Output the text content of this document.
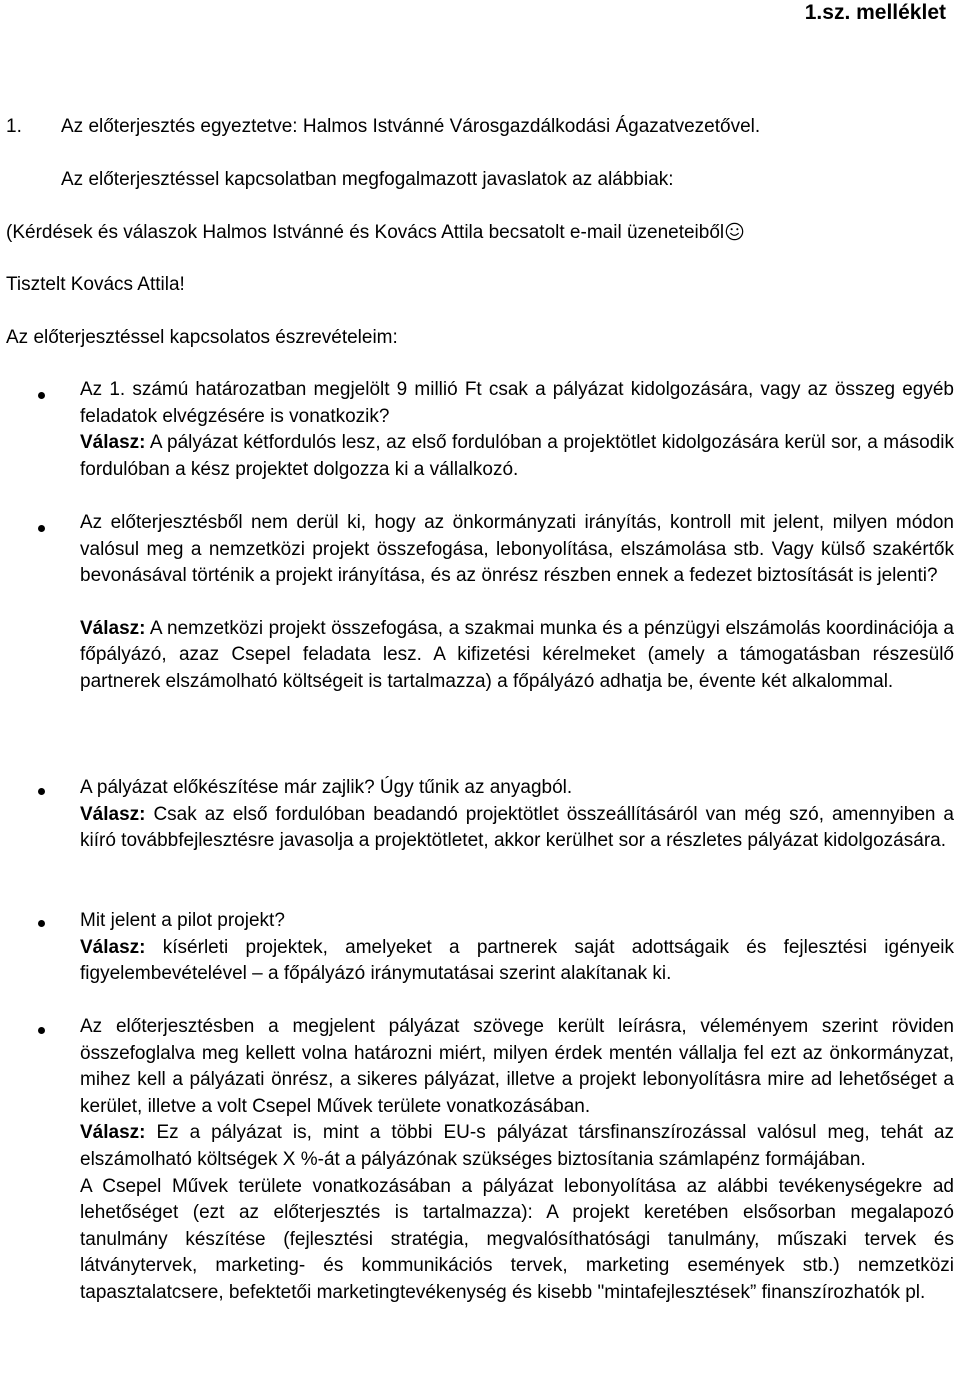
1.sz. melléklet
1. Az előterjesztés egyeztetve: Halmos Istvánné Városgazdálkodási Ágazatvezetővel.
Az előterjesztéssel kapcsolatban megfogalmazott javaslatok az alábbiak:
(Kérdések és válaszok Halmos Istvánné és Kovács Attila becsatolt e-mail üzeneteiből
Tisztelt Kovács Attila!
Az előterjesztéssel kapcsolatos észrevételeim:

Az 1. számú határozatban megjelölt 9 millió Ft csak a pályázat kidolgozására, vagy az összeg egyéb feladatok elvégzésére is vonatkozik?

Válasz: A pályázat kétfordulós lesz, az első fordulóban a projektötlet kidolgozására kerül sor, a második fordulóban a kész projektet dolgozza ki a vállalkozó.

Az előterjesztésből nem derül ki, hogy az önkormányzati irányítás, kontroll mit jelent, milyen módon valósul meg a nemzetközi projekt összefogása, lebonyolítása, elszámolása stb. Vagy külső szakértők bevonásával történik a projekt irányítása, és az önrész részben ennek a fedezet biztosítását is jelenti?

Válasz: A nemzetközi projekt összefogása, a szakmai munka és a pénzügyi elszámolás koordinációja a főpályázó, azaz Csepel feladata lesz. A kifizetési kérelmeket (amely a támogatásban részesülő partnerek elszámolható költségeit is tartalmazza) a főpályázó adhatja be, évente két alkalommal.

A pályázat előkészítése már zajlik? Úgy tűnik az anyagból.

Válasz: Csak az első fordulóban beadandó projektötlet összeállításáról van még szó, amennyiben a kiíró továbbfejlesztésre javasolja a projektötletet, akkor kerülhet sor a részletes pályázat kidolgozására.

Mit jelent a pilot projekt?

Válasz: kísérleti projektek, amelyeket a partnerek saját adottságaik és fejlesztési igényeik figyelembevételével – a főpályázó iránymutatásai szerint alakítanak ki.

Az előterjesztésben a megjelent pályázat szövege került leírásra, véleményem szerint röviden összefoglalva meg kellett volna határozni miért, milyen érdek mentén vállalja fel ezt az önkormányzat, mihez kell a pályázati önrész, a sikeres pályázat, illetve a projekt lebonyolításra mire ad lehetőséget a kerület, illetve a volt Csepel Művek területe vonatkozásában.

Válasz: Ez a pályázat is, mint a többi EU-s pályázat társfinanszírozással valósul meg, tehát az elszámolható költségek X %-át a pályázónak szükséges biztosítania számlapénz formájában.

A Csepel Művek területe vonatkozásában a pályázat lebonyolítása az alábbi tevékenységekre ad lehetőséget (ezt az előterjesztés is tartalmazza): A projekt keretében elsősorban megalapozó tanulmány készítése (fejlesztési stratégia, megvalósíthatósági tanulmány, műszaki tervek és látványtervek, marketing- és kommunikációs tervek, marketing események stb.) nemzetközi tapasztalatcsere, befektetői marketingtevékenység és kisebb "mintafejlesztések” finanszírozhatók pl.
